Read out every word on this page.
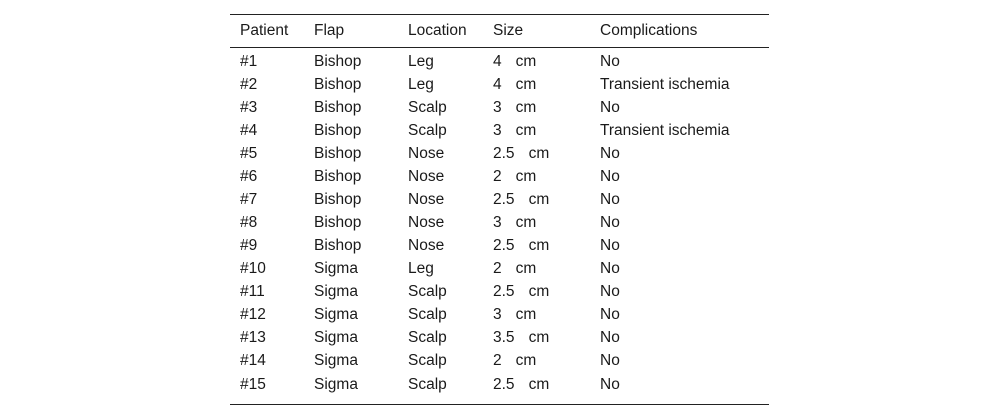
Patient	Flap	Location	Size	Complications
#1	Bishop	Leg	4 cm	No
#2	Bishop	Leg	4 cm	Transient ischemia
#3	Bishop	Scalp	3 cm	No
#4	Bishop	Scalp	3 cm	Transient ischemia
#5	Bishop	Nose	2.5 cm	No
#6	Bishop	Nose	2 cm	No
#7	Bishop	Nose	2.5 cm	No
#8	Bishop	Nose	3 cm	No
#9	Bishop	Nose	2.5 cm	No
#10	Sigma	Leg	2 cm	No
#11	Sigma	Scalp	2.5 cm	No
#12	Sigma	Scalp	3 cm	No
#13	Sigma	Scalp	3.5 cm	No
#14	Sigma	Scalp	2 cm	No
#15	Sigma	Scalp	2.5 cm	No
